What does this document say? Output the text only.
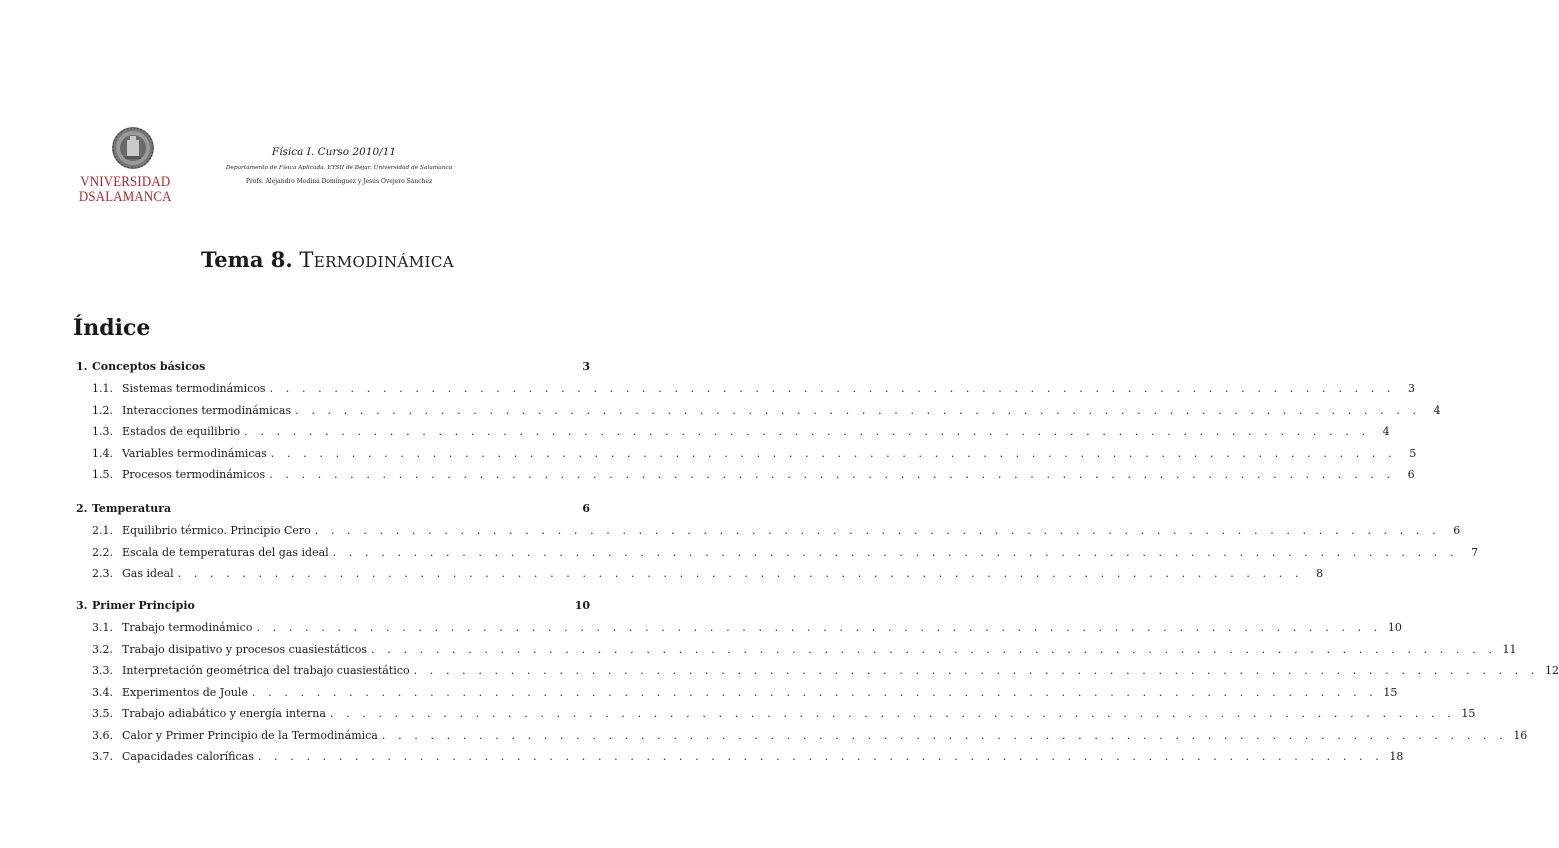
VNIVERSIDAD
DSALAMANCA
Física I. Curso 2010/11
Departamento de Física Aplicada. ETSII de Béjar. Universidad de Salamanca
Profs. Alejandro Medina Domínguez y Jesús Ovejero Sánchez
Tema 8. Termodinámica
Índice
1. Conceptos básicos	3
1.1. Sistemas termodinámicos . . . . . . . . . . . . . . . . . . . . . . . . . . . . . . . . . . . . . . . . . . . . . . . . . . . . . . . . . . . . . . . . . . . . . .	3
1.2. Interacciones termodinámicas . . . . . . . . . . . . . . . . . . . . . . . . . . . . . . . . . . . . . . . . . . . . . . . . . . . . . . . . . . . . . . . . . . . . . .	4
1.3. Estados de equilibrio . . . . . . . . . . . . . . . . . . . . . . . . . . . . . . . . . . . . . . . . . . . . . . . . . . . . . . . . . . . . . . . . . . . . . .	4
1.4. Variables termodinámicas . . . . . . . . . . . . . . . . . . . . . . . . . . . . . . . . . . . . . . . . . . . . . . . . . . . . . . . . . . . . . . . . . . . . . .	5
1.5. Procesos termodinámicos . . . . . . . . . . . . . . . . . . . . . . . . . . . . . . . . . . . . . . . . . . . . . . . . . . . . . . . . . . . . . . . . . . . . . .	6
2. Temperatura	6
2.1. Equilibrio térmico. Principio Cero . . . . . . . . . . . . . . . . . . . . . . . . . . . . . . . . . . . . . . . . . . . . . . . . . . . . . . . . . . . . . . . . . . . . . .	6
2.2. Escala de temperaturas del gas ideal . . . . . . . . . . . . . . . . . . . . . . . . . . . . . . . . . . . . . . . . . . . . . . . . . . . . . . . . . . . . . . . . . . . . . .	7
2.3. Gas ideal . . . . . . . . . . . . . . . . . . . . . . . . . . . . . . . . . . . . . . . . . . . . . . . . . . . . . . . . . . . . . . . . . . . . . .	8
3. Primer Principio	10
3.1. Trabajo termodinámico . . . . . . . . . . . . . . . . . . . . . . . . . . . . . . . . . . . . . . . . . . . . . . . . . . . . . . . . . . . . . . . . . . . . . . 10
3.2. Trabajo disipativo y procesos cuasiestáticos . . . . . . . . . . . . . . . . . . . . . . . . . . . . . . . . . . . . . . . . . . . . . . . . . . . . . . . . . . . . . . . . . . . . . . 11
3.3. Interpretación geométrica del trabajo cuasiestático . . . . . . . . . . . . . . . . . . . . . . . . . . . . . . . . . . . . . . . . . . . . . . . . . . . . . . . . . . . . . . . . . . . . . . 12
3.4. Experimentos de Joule . . . . . . . . . . . . . . . . . . . . . . . . . . . . . . . . . . . . . . . . . . . . . . . . . . . . . . . . . . . . . . . . . . . . . . 15
3.5. Trabajo adiabático y energía interna . . . . . . . . . . . . . . . . . . . . . . . . . . . . . . . . . . . . . . . . . . . . . . . . . . . . . . . . . . . . . . . . . . . . . . 15
3.6. Calor y Primer Principio de la Termodinámica . . . . . . . . . . . . . . . . . . . . . . . . . . . . . . . . . . . . . . . . . . . . . . . . . . . . . . . . . . . . . . . . . . . . . . 16
3.7. Capacidades caloríficas . . . . . . . . . . . . . . . . . . . . . . . . . . . . . . . . . . . . . . . . . . . . . . . . . . . . . . . . . . . . . . . . . . . . . . 18
